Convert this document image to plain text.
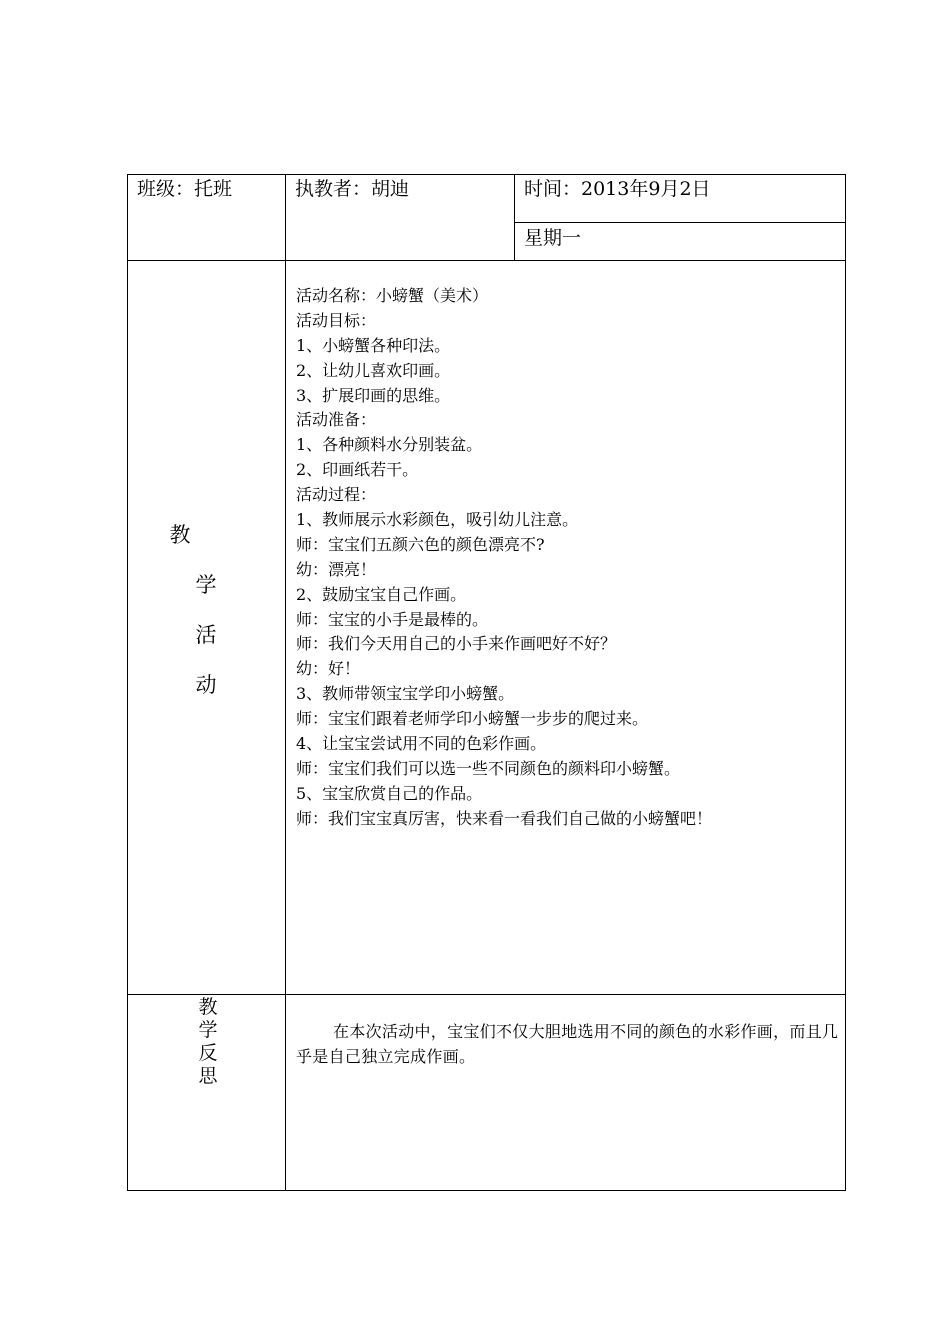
班级：托班	执教者：胡迪	时间：2013年9月2日
星期一
教
学
活
动
活动名称：小螃蟹（美术）
活动目标：
1、小螃蟹各种印法。
2、让幼儿喜欢印画。
3、扩展印画的思维。
活动准备：
1、各种颜料水分别装盆。
2、印画纸若干。
活动过程：
1、教师展示水彩颜色，吸引幼儿注意。
师：宝宝们五颜六色的颜色漂亮不?
幼：漂亮！
2、鼓励宝宝自己作画。
师：宝宝的小手是最棒的。
师：我们今天用自己的小手来作画吧好不好？
幼：好！
3、教师带领宝宝学印小螃蟹。
师：宝宝们跟着老师学印小螃蟹一步步的爬过来。
4、让宝宝尝试用不同的色彩作画。
师：宝宝们我们可以选一些不同颜色的颜料印小螃蟹。
5、宝宝欣赏自己的作品。
师：我们宝宝真厉害，快来看一看我们自己做的小螃蟹吧！
教
学
反
思
在本次活动中，宝宝们不仅大胆地选用不同的颜色的水彩作画，而且几乎是自己独立完成作画。
